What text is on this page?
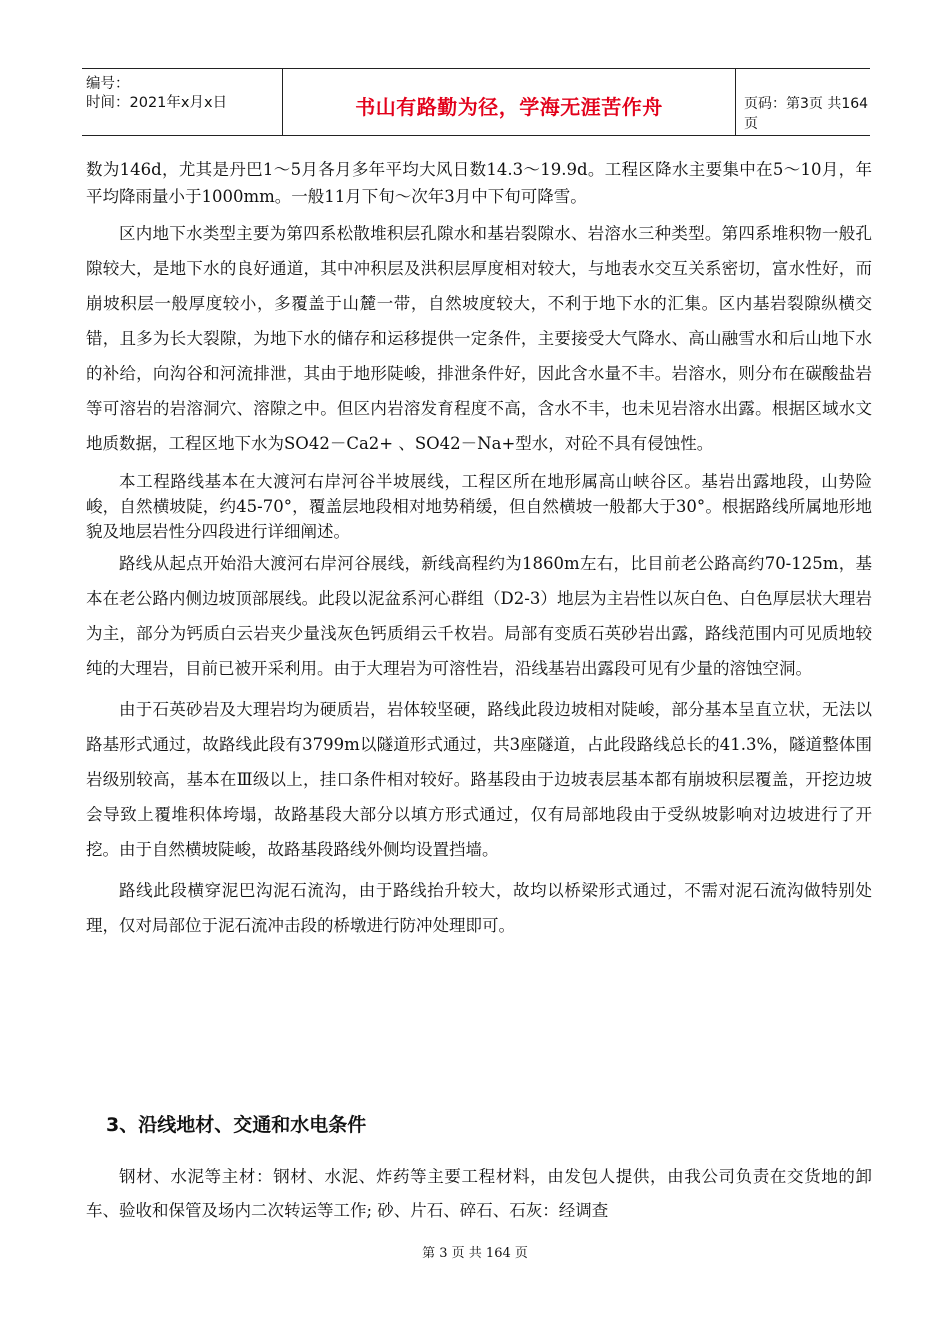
编号：
时间：2021年x月x日	书山有路勤为径，学海无涯苦作舟	页码：第3页 共164页

数为146d，尤其是丹巴1～5月各月多年平均大风日数14.3～19.9d。工程区降水主要集中在5～10月，年平均降雨量小于1000mm。一般11月下旬～次年3月中下旬可降雪。

区内地下水类型主要为第四系松散堆积层孔隙水和基岩裂隙水、岩溶水三种类型。第四系堆积物一般孔隙较大，是地下水的良好通道，其中冲积层及洪积层厚度相对较大，与地表水交互关系密切，富水性好，而崩坡积层一般厚度较小，多覆盖于山麓一带，自然坡度较大，不利于地下水的汇集。区内基岩裂隙纵横交错，且多为长大裂隙，为地下水的储存和运移提供一定条件，主要接受大气降水、高山融雪水和后山地下水的补给，向沟谷和河流排泄，其由于地形陡峻，排泄条件好，因此含水量不丰。岩溶水，则分布在碳酸盐岩等可溶岩的岩溶洞穴、溶隙之中。但区内岩溶发育程度不高，含水不丰，也未见岩溶水出露。根据区域水文地质数据，工程区地下水为SO42－Ca2+ 、SO42－Na+型水，对砼不具有侵蚀性。

本工程路线基本在大渡河右岸河谷半坡展线，工程区所在地形属高山峡谷区。基岩出露地段，山势险峻，自然横坡陡，约45-70°，覆盖层地段相对地势稍缓，但自然横坡一般都大于30°。根据路线所属地形地貌及地层岩性分四段进行详细阐述。

路线从起点开始沿大渡河右岸河谷展线，新线高程约为1860m左右，比目前老公路高约70-125m，基本在老公路内侧边坡顶部展线。此段以泥盆系河心群组（D2-3）地层为主岩性以灰白色、白色厚层状大理岩为主，部分为钙质白云岩夹少量浅灰色钙质绢云千枚岩。局部有变质石英砂岩出露，路线范围内可见质地较纯的大理岩，目前已被开采利用。由于大理岩为可溶性岩，沿线基岩出露段可见有少量的溶蚀空洞。

由于石英砂岩及大理岩均为硬质岩，岩体较坚硬，路线此段边坡相对陡峻，部分基本呈直立状，无法以路基形式通过，故路线此段有3799m以隧道形式通过，共3座隧道，占此段路线总长的41.3%，隧道整体围岩级别较高，基本在Ⅲ级以上，挂口条件相对较好。路基段由于边坡表层基本都有崩坡积层覆盖，开挖边坡会导致上覆堆积体垮塌，故路基段大部分以填方形式通过，仅有局部地段由于受纵坡影响对边坡进行了开挖。由于自然横坡陡峻，故路基段路线外侧均设置挡墙。

路线此段横穿泥巴沟泥石流沟，由于路线抬升较大，故均以桥梁形式通过，不需对泥石流沟做特别处理，仅对局部位于泥石流冲击段的桥墩进行防冲处理即可。

3、沿线地材、交通和水电条件

钢材、水泥等主材：钢材、水泥、炸药等主要工程材料，由发包人提供，由我公司负责在交货地的卸车、验收和保管及场内二次转运等工作; 砂、片石、碎石、石灰：经调查

第 3 页 共 164 页
